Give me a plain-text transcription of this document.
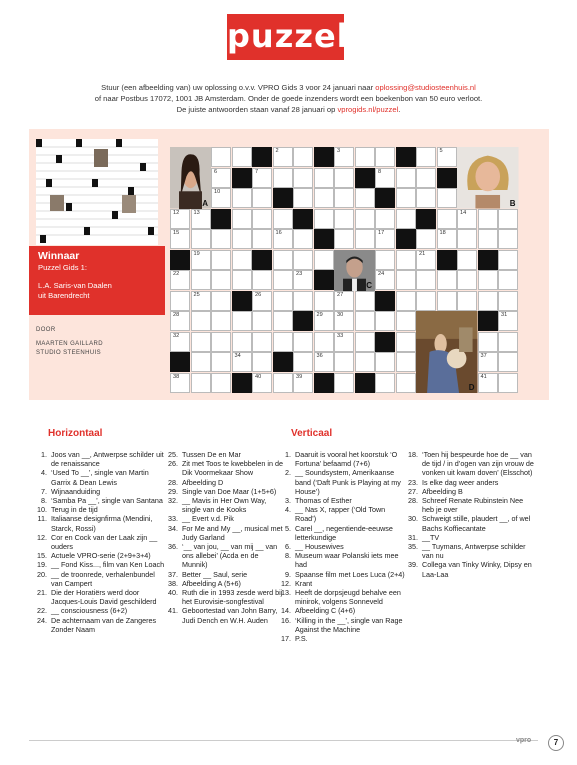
puzzel
Stuur (een afbeelding van) uw oplossing o.v.v. VPRO Gids 3 voor 24 januari naar oplossing@studiosteenhuis.nl
of naar Postbus 17072, 1001 JB Amsterdam. Onder de goede inzenders wordt een boekenbon van 50 euro verloot.
De juiste antwoorden staan vanaf 28 januari op vprogids.nl/puzzel.
Winnaar
Puzzel Gids 1:
L.A. Saris-van Daalen
uit Barendrecht
DOOR
MAARTEN GAILLARD
STUDIO STEENHUIS
2	3	5
6	7	8
10
12	13	14
15	16	17	18
19	21
22	23	24
25	26	27
28	29	30	31
32	33
34	36	37
38	40	39	41
A	B
C
D
Horizontaal
1. Joos van __, Antwerpse schilder uit de renaissance
4. ‘Used To __’, single van Martin Garrix & Dean Lewis
7. Wijnaanduiding
8. ‘Samba Pa __’, single van Santana
10. Terug in de tijd
11. Italiaanse designfirma (Mendini, Starck, Rossi)
12. Cor en Cock van der Laak zijn __ ouders
15. Actuele VPRO-serie (2+9+3+4)
19. __ Fond Kiss..., film van Ken Loach
20. __ de troonrede, verhalenbundel van Campert
21. Die der Horatiërs werd door Jacques-Louis David geschilderd
22. __ consciousness (6+2)
24. De achternaam van de Zangeres Zonder Naam
25. Tussen De en Mar
26. Zit met Toos te kwebbelen in de Dik Voormekaar Show
28. Afbeelding D
29. Single van Doe Maar (1+5+6)
32. __ Mavis in Her Own Way, single van de Kooks
33. __ Evert v.d. Pik
34. For Me and My __, musical met Judy Garland
36. ‘__ van jou, __ van mij __ van ons allebei’ (Acda en de Munnik)
37. Better __ Saul, serie
38. Afbeelding A (5+6)
40. Ruth die in 1993 zesde werd bij het Eurovisie-songfestival
41. Geboortestad van John Barry, Judi Dench en W.H. Auden
Verticaal
1. Daaruit is vooral het koorstuk ‘O Fortuna’ befaamd (7+6)
2. __ Soundsystem, Amerikaanse band (‘Daft Punk is Playing at my House’)
3. Thomas of Esther
4. __ Nas X, rapper (‘Old Town Road’)
5. Carel __, negentiende-eeuwse letterkundige
6. __ Housewives
8. Museum waar Polanski iets mee had
9. Spaanse film met Loes Luca (2+4)
12. Krant
13. Heeft de dorpsjeugd behalve een minirok, volgens Sonneveld
14. Afbeelding C (4+6)
16. ‘Killing in the __’, single van Rage Against the Machine
17. P.S.
18. ‘Toen hij bespeurde hoe de __ van de tijd / in d’ogen van zijn vrouw de vonken uit kwam doven’ (Elsschot)
23. Is elke dag weer anders
27. Afbeelding B
28. Schreef Renate Rubinstein Nee heb je over
30. Schweigt stille, plaudert __, of wel Bachs Koffiecantate
31. __TV
35. __ Tuymans, Antwerpse schilder van nu
39. Collega van Tinky Winky, Dipsy en Laa-Laa
vpro	7
